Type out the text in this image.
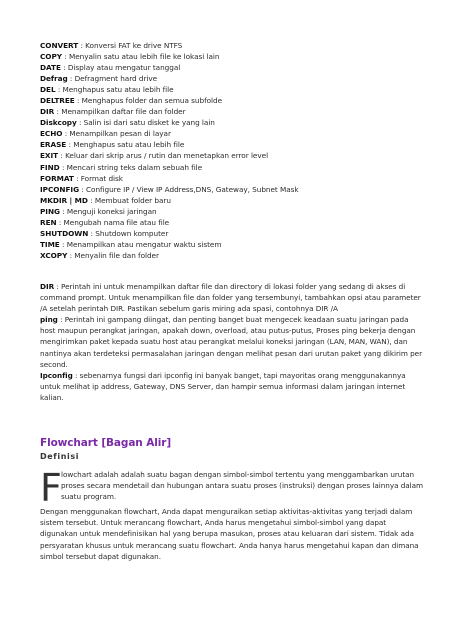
CONVERT : Konversi FAT ke drive NTFS
COPY : Menyalin satu atau lebih file ke lokasi lain
DATE : Display atau mengatur tanggal
Defrag : Defragment hard drive
DEL : Menghapus satu atau lebih file
DELTREE : Menghapus folder dan semua subfolde
DIR : Menampilkan daftar file dan folder
Diskcopy : Salin isi dari satu disket ke yang lain
ECHO : Menampilkan pesan di layar
ERASE : Menghapus satu atau lebih file
EXIT : Keluar dari skrip arus / rutin dan menetapkan error level
FIND : Mencari string teks dalam sebuah file
FORMAT : Format disk
IPCONFIG : Configure IP / View IP Address,DNS, Gateway, Subnet Mask
MKDIR | MD : Membuat folder baru
PING : Menguji koneksi jaringan
REN : Mengubah nama file atau file
SHUTDOWN : Shutdown komputer
TIME : Menampilkan atau mengatur waktu sistem
XCOPY : Menyalin file dan folder

DIR : Perintah ini untuk menampilkan daftar file dan directory di lokasi folder yang sedang di akses di command prompt. Untuk menampilkan file dan folder yang tersembunyi, tambahkan opsi atau parameter /A setelah perintah DIR. Pastikan sebelum garis miring ada spasi, contohnya DIR /A

ping : Perintah ini gampang diingat, dan penting banget buat mengecek keadaan suatu jaringan pada host maupun perangkat jaringan, apakah down, overload, atau putus-putus, Proses ping bekerja dengan mengirimkan paket kepada suatu host atau perangkat melalui koneksi jaringan (LAN, MAN, WAN), dan nantinya akan terdeteksi permasalahan jaringan dengan melihat pesan dari urutan paket yang dikirim per second.

Ipconfig : sebenarnya fungsi dari ipconfig ini banyak banget, tapi mayoritas orang menggunakannya untuk melihat ip address, Gateway, DNS Server, dan hampir semua informasi dalam jaringan internet kalian.

Flowchart [Bagan Alir]
Definisi
F lowchart adalah adalah suatu bagan dengan simbol-simbol tertentu yang menggambarkan urutan proses secara mendetail dan hubungan antara suatu proses (instruksi) dengan proses lainnya dalam suatu program.

Dengan menggunakan flowchart, Anda dapat menguraikan setiap aktivitas-aktivitas yang terjadi dalam sistem tersebut. Untuk merancang flowchart, Anda harus mengetahui simbol-simbol yang dapat digunakan untuk mendefinisikan hal yang berupa masukan, proses atau keluaran dari sistem. Tidak ada persyaratan khusus untuk merancang suatu flowchart. Anda hanya harus mengetahui kapan dan dimana simbol tersebut dapat digunakan.
